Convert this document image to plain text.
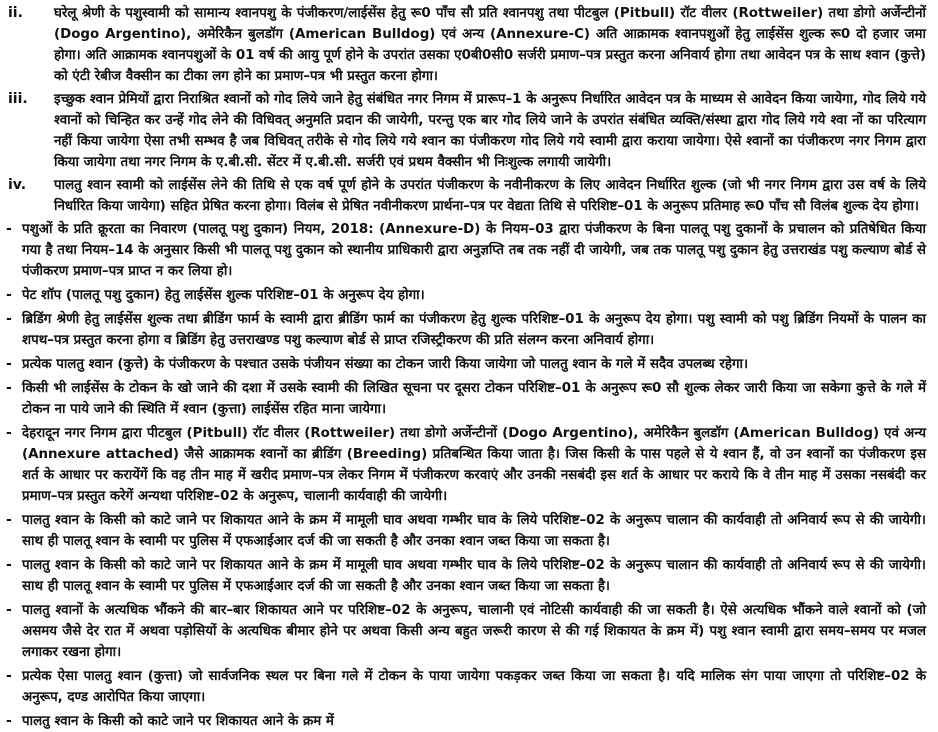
ii.	घरेलू श्रेणी के पशुस्वामी को सामान्य श्वानपशु के पंजीकरण/लाईसेंस हेतु रू0 पाँच सौ प्रति श्वानपशु तथा पीटबुल (Pitbull) रॉट वीलर (Rottweiler) तथा डोगो अर्जेन्टीनों (Dogo Argentino), अमेरिकैन बुलडॉग (American Bulldog) एवं अन्य (Annexure-C) अति आक्रामक श्वानपशुओं हेतु लाईसेंस शुल्क रू0 दो हजार जमा होगा। अति आक्रामक श्वानपशुओं के 01 वर्ष की आयु पूर्ण होने के उपरांत उसका ए0बी0सी0 सर्जरी प्रमाण–पत्र प्रस्तुत करना अनिवार्य होगा तथा आवेदन पत्र के साथ श्वान (कुत्ते) को एंटी रेबीज वैक्सीन का टीका लग होने का प्रमाण–पत्र भी प्रस्तुत करना होगा।
iii.	इच्छुक श्वान प्रेमियों द्वारा निराश्रित श्वानों को गोद लिये जाने हेतु संबंधित नगर निगम में प्रारूप–1 के अनुरूप निर्धारित आवेदन पत्र के माध्यम से आवेदन किया जायेगा, गोद लिये गये श्वानों को चिन्हित कर उन्हें गोद लेने की विधिवत् अनुमति प्रदान की जायेगी, परन्तु एक बार गोद लिये जाने के उपरांत संबंधित व्यक्ति/संस्था द्वारा गोद लिये गये श्वा नों का परित्याग नहीं किया जायेगा ऐसा तभी सम्भव है जब विधिवत् तरीके से गोद लिये गये श्वान का पंजीकरण गोद लिये गये स्वामी द्वारा कराया जायेगा। ऐसे श्वानों का पंजीकरण नगर निगम द्वारा किया जायेगा तथा नगर निगम के ए.बी.सी. सेंटर में ए.बी.सी. सर्जरी एवं प्रथम वैक्सीन भी निःशुल्क लगायी जायेगी।
iv.	पालतु श्वान स्वामी को लाईसेंस लेने की तिथि से एक वर्ष पूर्ण होने के उपरांत पंजीकरण के नवीनीकरण के लिए आवेदन निर्धारित शुल्क (जो भी नगर निगम द्वारा उस वर्ष के लिये निर्धारित किया जायेगा) सहित प्रेषित करना होगा। विलंब से प्रेषित नवीनीकरण प्रार्थना–पत्र पर वेद्यता तिथि से परिशिष्ट–01 के अनुरूप प्रतिमाह रू0 पाँच सौ विलंब शुल्क देय होगा।
- पशुओं के प्रति क्रूरता का निवारण (पालतू पशु दुकान) नियम, 2018: (Annexure-D) के नियम–03 द्वारा पंजीकरण के बिना पालतू पशु दुकानों के प्रचालन को प्रतिषेधित किया गया है तथा नियम–14 के अनुसार किसी भी पालतू पशु दुकान को स्थानीय प्राधिकारी द्वारा अनुज्ञप्ति तब तक नहीं दी जायेगी, जब तक पालतू पशु दुकान हेतु उत्तराखंड पशु कल्याण बोर्ड से पंजीकरण प्रमाण–पत्र प्राप्त न कर लिया हो।
- पेट शॉप (पालतू पशु दुकान) हेतु लाईसेंस शुल्क परिशिष्ट–01 के अनुरूप देय होगा।
- ब्रिडिंग श्रेणी हेतु लाईसेंस शुल्क तथा ब्रीडिंग फार्म के स्वामी द्वारा ब्रीडिंग फार्म का पंजीकरण हेतु शुल्क परिशिष्ट–01 के अनुरूप देय होगा। पशु स्वामी को पशु ब्रिडिंग नियमों के पालन का शपथ–पत्र प्रस्तुत करना होगा व ब्रिडिंग हेतु उत्तराखण्ड पशु कल्याण बोर्ड से प्राप्त रजिस्ट्रीकरण की प्रति संलग्न करना अनिवार्य होगा।
- प्रत्येक पालतु श्वान (कुत्ते) के पंजीकरण के पश्चात उसके पंजीयन संख्या का टोकन जारी किया जायेगा जो पालतु श्वान के गले में सदैव उपलब्ध रहेगा।
- किसी भी लाईसेंस के टोकन के खो जाने की दशा में उसके स्वामी की लिखित सूचना पर दूसरा टोकन परिशिष्ट–01 के अनुरूप रू0 सौ शुल्क लेकर जारी किया जा सकेगा कुत्ते के गले में टोकन ना पाये जाने की स्थिति में श्वान (कुत्ता) लाईसेंस रहित माना जायेगा।
- देहरादून नगर निगम द्वारा पीटबुल (Pitbull) रॉट वीलर (Rottweiler) तथा डोगो अर्जेन्टीनों (Dogo Argentino), अमेरिकैन बुलडॉग (American Bulldog) एवं अन्य (Annexure attached) जैसे आक्रामक श्वानों का ब्रीडिंग (Breeding) प्रतिबन्धित किया जाता है। जिस किसी के पास पहले से ये श्वान हैं, वो उन श्वानों का पंजीकरण इस शर्त के आधार पर करायेंगें कि वह तीन माह में खरीद प्रमाण–पत्र लेकर निगम में पंजीकरण करवाएं और उनकी नसबंदी इस शर्त के आधार पर कराये कि वे तीन माह में उसका नसबंदी कर प्रमाण–पत्र प्रस्तुत करेगें अन्यथा परिशिष्ट–02 के अनुरूप, चालानी कार्यवाही की जायेगी।
- पालतु श्वान के किसी को काटे जाने पर शिकायत आने के क्रम में मामूली घाव अथवा गम्भीर घाव के लिये परिशिष्ट–02 के अनुरूप चालान की कार्यवाही तो अनिवार्य रूप से की जायेगी। साथ ही पालतू श्वान के स्वामी पर पुलिस में एफआईआर दर्ज की जा सकती है और उनका श्वान जब्त किया जा सकता है।
- पालतु श्वान के किसी को काटे जाने पर शिकायत आने के क्रम में मामूली घाव अथवा गम्भीर घाव के लिये परिशिष्ट–02 के अनुरूप चालान की कार्यवाही तो अनिवार्य रूप से की जायेगी। साथ ही पालतू श्वान के स्वामी पर पुलिस में एफआईआर दर्ज की जा सकती है और उनका श्वान जब्त किया जा सकता है।
- पालतु श्वानों के अत्यधिक भौंकने की बार–बार शिकायत आने पर परिशिष्ट–02 के अनुरूप, चालानी एवं नोटिसी कार्यवाही की जा सकती है। ऐसे अत्यधिक भौंकने वाले श्वानों को (जो असमय जैसे देर रात में अथवा पड़ोसियों के अत्यधिक बीमार होने पर अथवा किसी अन्य बहुत जरूरी कारण से की गई शिकायत के क्रम में) पशु श्वान स्वामी द्वारा समय–समय पर मजल लगाकर रखना होगा।
- प्रत्येक ऐसा पालतु श्वान (कुत्ता) जो सार्वजनिक स्थल पर बिना गले में टोकन के पाया जायेगा पकड़कर जब्त किया जा सकता है। यदि मालिक संग पाया जाएगा तो परिशिष्ट–02 के अनुरूप, दण्ड आरोपित किया जाएगा।
- पालतु श्वान के किसी को काटे जाने पर शिकायत आने के क्रम में
